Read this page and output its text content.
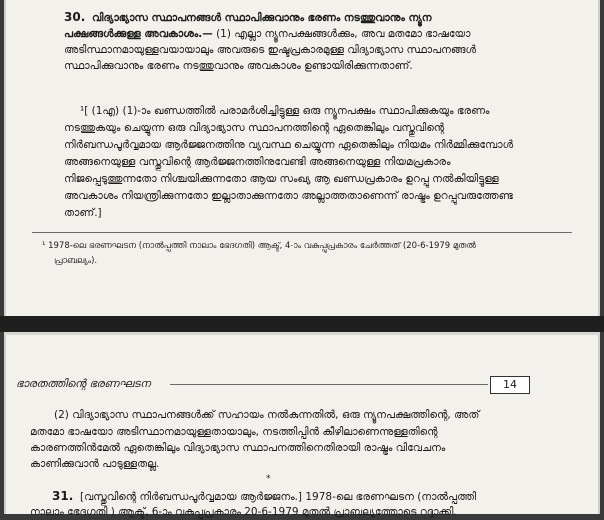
30. വിദ്യാഭ്യാസ സ്ഥാപനങ്ങൾ സ്ഥാപിക്കുവാനും ഭരണം നടത്തുവാനും ന്യൂന
പക്ഷങ്ങൾക്കുള്ള അവകാശം.— (1) എല്ലാ ന്യൂനപക്ഷങ്ങൾക്കും, അവ മതമോ ഭാഷയോ
അടിസ്ഥാനമായുള്ളവയായാലും അവരുടെ ഇഷ്ടപ്രകാരമുള്ള വിദ്യാഭ്യാസ സ്ഥാപനങ്ങൾ
സ്ഥാപിക്കുവാനും ഭരണം നടത്തുവാനും അവകാശം ഉണ്ടായിരിക്കുന്നതാണ്.
¹[ (1എ) (1)-ാം ഖണ്ഡത്തിൽ പരാമർശിച്ചിട്ടുള്ള ഒരു ന്യൂനപക്ഷം സ്ഥാപിക്കുകയും ഭരണം
നടത്തുകയും ചെയ്യുന്ന ഒരു വിദ്യാഭ്യാസ സ്ഥാപനത്തിന്റെ ഏതെങ്കിലും വസ്തുവിന്റെ
നിർബന്ധപൂർവ്വമായ ആർജ്ജനത്തിനു വ്യവസ്ഥ ചെയ്യുന്ന ഏതെങ്കിലും നിയമം നിർമ്മിക്കുമ്പോൾ
അങ്ങനെയുള്ള വസ്തുവിന്റെ ആർജ്ജനത്തിനുവേണ്ടി അങ്ങനെയുള്ള നിയമപ്രകാരം
നിജപ്പെടുത്തുന്നതോ നിശ്ചയിക്കുന്നതോ ആയ സംഖ്യ ആ ഖണ്ഡപ്രകാരം ഉറപ്പു നൽകിയിട്ടുള്ള
അവകാശം നിയന്ത്രിക്കുന്നതോ ഇല്ലാതാക്കുന്നതോ അല്ലാത്തതാണെന്ന് രാഷ്ട്രം ഉറപ്പുവരുത്തേണ്ട
താണ്.]
¹ 1978-ലെ ഭരണഘടന (നാൽപ്പത്തി നാലാം ഭേദഗതി) ആക്ട്, 4-ാം വകുപ്പുപ്രകാരം ചേർത്തത് (20-6-1979 മുതൽ
പ്രാബല്യം).
ഭാരതത്തിന്റെ ഭരണഘടന	14
(2) വിദ്യാഭ്യാസ സ്ഥാപനങ്ങൾക്ക് സഹായം നൽകുന്നതിൽ, ഒരു ന്യൂനപക്ഷത്തിന്റെ, അത്
മതമോ ഭാഷയോ അടിസ്ഥാനമായുള്ളതായാലും, നടത്തിപ്പിൻ കീഴിലാണെന്നുള്ളതിന്റെ
കാരണത്തിൻമേൽ ഏതെങ്കിലും വിദ്യാഭ്യാസ സ്ഥാപനത്തിനെതിരായി രാഷ്ട്രം വിവേചനം
കാണിക്കുവാൻ പാടുള്ളതല്ല.
*
31. [വസ്തുവിന്റെ നിർബന്ധപൂർവ്വമായ ആർജ്ജനം.] 1978-ലെ ഭരണഘടന (നാൽപ്പത്തി
നാലാം ഭേദഗതി ) ആക്ട്, 6-ാം വകുപ്പുപ്രകാരം 20-6-1979 മുതൽ പ്രാബല്യത്തോടെ റദ്ദാക്കി.
